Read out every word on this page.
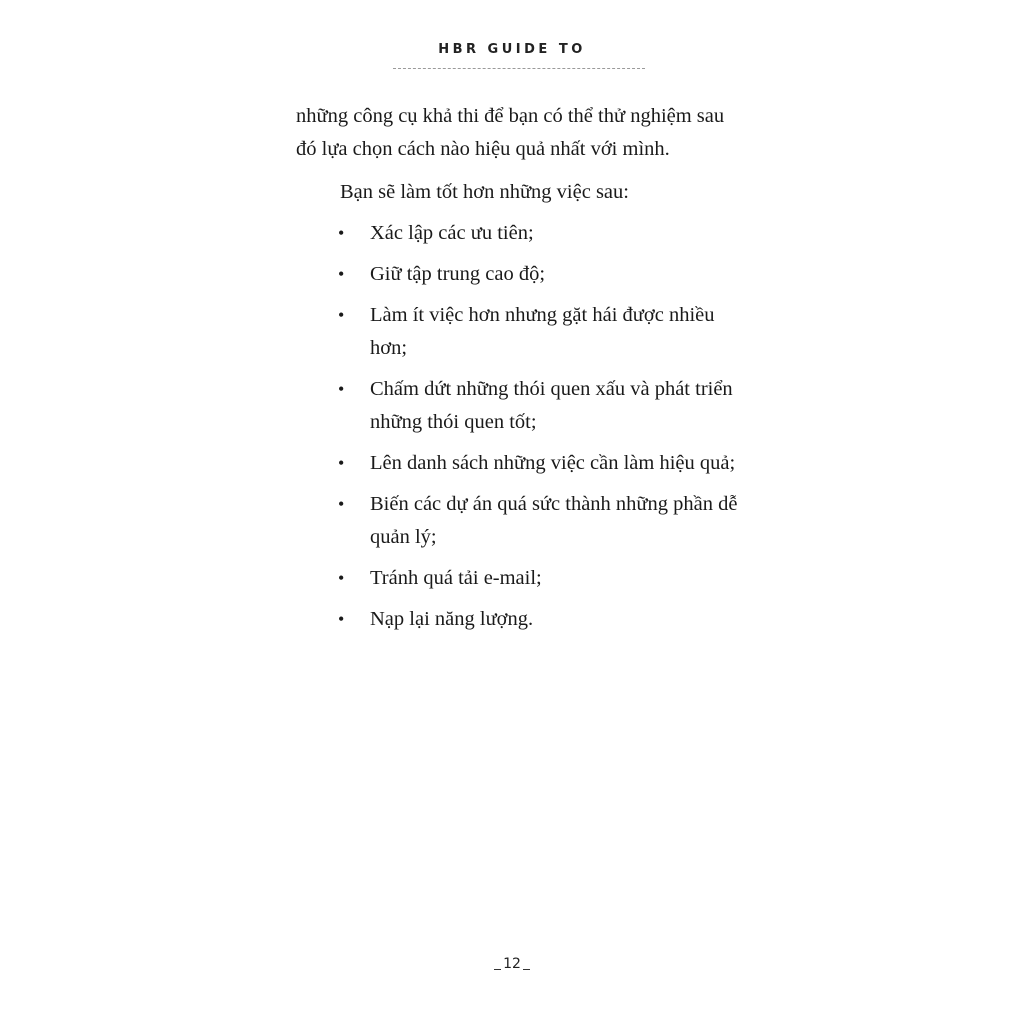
HBR GUIDE TO

những công cụ khả thi để bạn có thể thử nghiệm sau đó lựa chọn cách nào hiệu quả nhất với mình.

Bạn sẽ làm tốt hơn những việc sau:

• Xác lập các ưu tiên;
• Giữ tập trung cao độ;
• Làm ít việc hơn nhưng gặt hái được nhiều hơn;
• Chấm dứt những thói quen xấu và phát triển những thói quen tốt;
• Lên danh sách những việc cần làm hiệu quả;
• Biến các dự án quá sức thành những phần dễ quản lý;
• Tránh quá tải e-mail;
• Nạp lại năng lượng.
12
